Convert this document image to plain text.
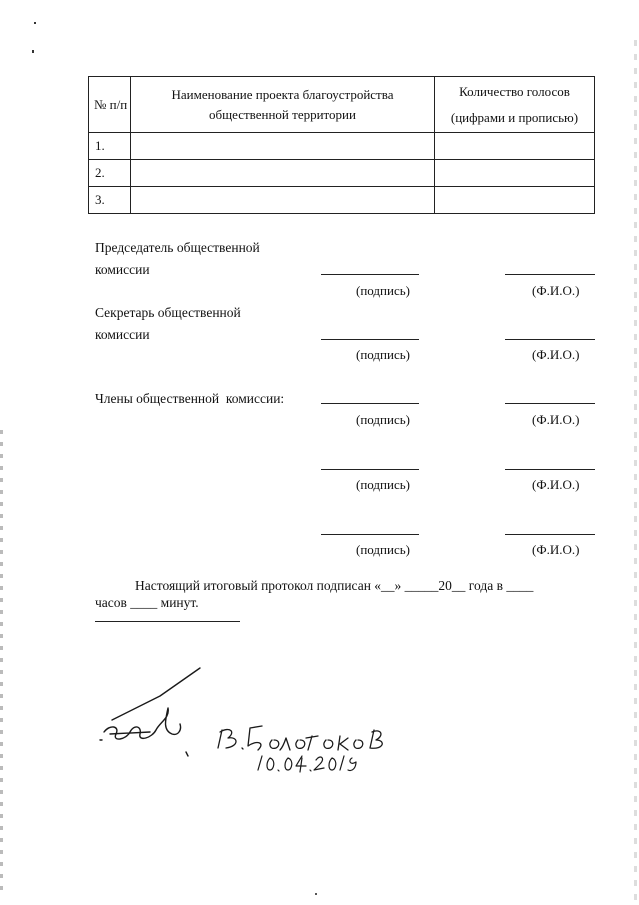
№ п/п	Наименование проекта благоустройства общественной территории	Количество голосов
(цифрами и прописью)

1.		
2.		
3.		
Председатель общественной
комиссии
(подпись)	(Ф.И.О.)
Секретарь общественной
комиссии
(подпись)	(Ф.И.О.)
Члены общественной  комиссии:
(подпись)	(Ф.И.О.)
(подпись)	(Ф.И.О.)
(подпись)	(Ф.И.О.)
Настоящий итоговый протокол подписан «__» _____20__ года в ____
часов ____ минут.
